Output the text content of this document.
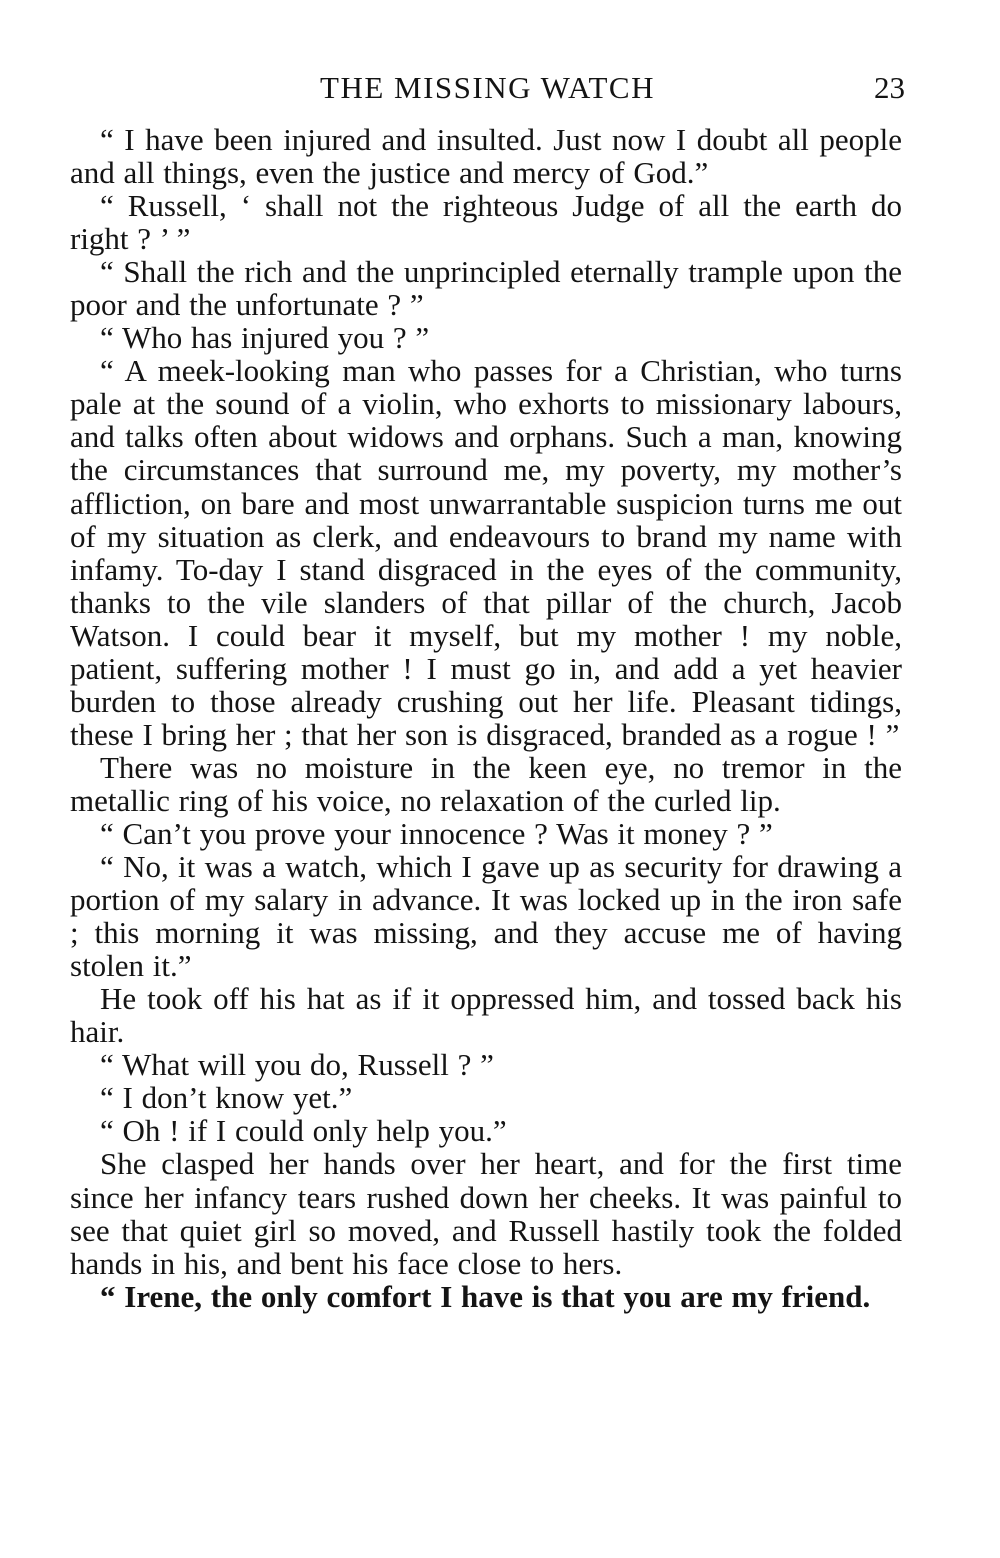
THE MISSING WATCH	23

“ I have been injured and insulted. Just now I doubt all people and all things, even the justice and mercy of God.”

“ Russell, ‘ shall not the righteous Judge of all the earth do right ? ’ ”

“ Shall the rich and the unprincipled eternally trample upon the poor and the unfortunate ? ”

“ Who has injured you ? ”

“ A meek-looking man who passes for a Christian, who turns pale at the sound of a violin, who exhorts to missionary labours, and talks often about widows and orphans. Such a man, knowing the circumstances that surround me, my poverty, my mother’s affliction, on bare and most unwarrantable suspicion turns me out of my situation as clerk, and endeavours to brand my name with infamy. To-day I stand disgraced in the eyes of the community, thanks to the vile slanders of that pillar of the church, Jacob Watson. I could bear it myself, but my mother ! my noble, patient, suffering mother ! I must go in, and add a yet heavier burden to those already crushing out her life. Pleasant tidings, these I bring her ; that her son is disgraced, branded as a rogue ! ”

There was no moisture in the keen eye, no tremor in the metallic ring of his voice, no relaxation of the curled lip.

“ Can’t you prove your innocence ? Was it money ? ”

“ No, it was a watch, which I gave up as security for drawing a portion of my salary in advance. It was locked up in the iron safe ; this morning it was missing, and they accuse me of having stolen it.”

He took off his hat as if it oppressed him, and tossed back his hair.

“ What will you do, Russell ? ”

“ I don’t know yet.”

“ Oh ! if I could only help you.”

She clasped her hands over her heart, and for the first time since her infancy tears rushed down her cheeks. It was painful to see that quiet girl so moved, and Russell hastily took the folded hands in his, and bent his face close to hers.

“ Irene, the only comfort I have is that you are my friend.
